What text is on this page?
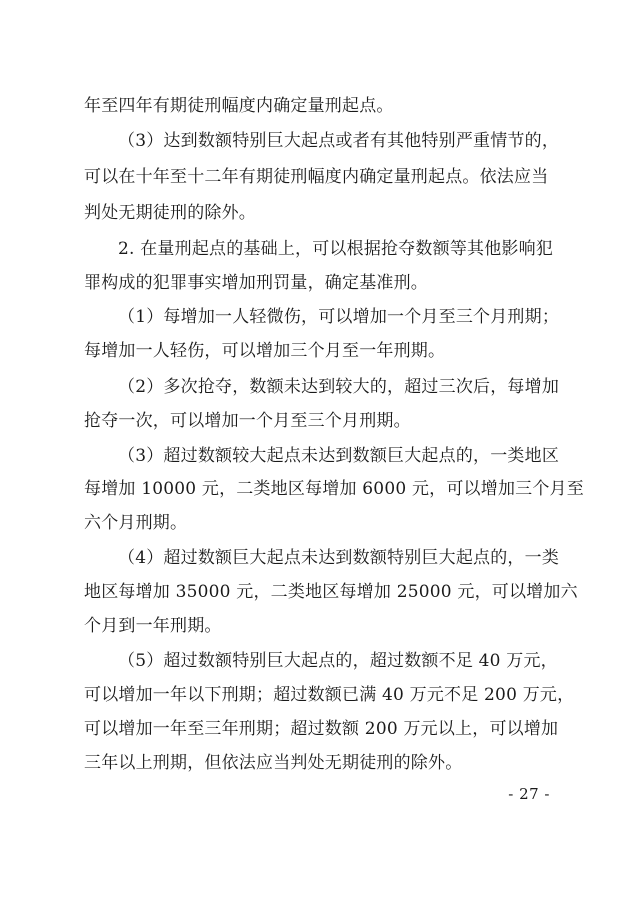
年至四年有期徒刑幅度内确定量刑起点。
（3）达到数额特别巨大起点或者有其他特别严重情节的，
可以在十年至十二年有期徒刑幅度内确定量刑起点。依法应当
判处无期徒刑的除外。
2. 在量刑起点的基础上，可以根据抢夺数额等其他影响犯
罪构成的犯罪事实增加刑罚量，确定基准刑。
（1）每增加一人轻微伤，可以增加一个月至三个月刑期；
每增加一人轻伤，可以增加三个月至一年刑期。
（2）多次抢夺，数额未达到较大的，超过三次后，每增加
抢夺一次，可以增加一个月至三个月刑期。
（3）超过数额较大起点未达到数额巨大起点的，一类地区
每增加 10000 元，二类地区每增加 6000 元，可以增加三个月至
六个月刑期。
（4）超过数额巨大起点未达到数额特别巨大起点的，一类
地区每增加 35000 元，二类地区每增加 25000 元，可以增加六
个月到一年刑期。
（5）超过数额特别巨大起点的，超过数额不足 40 万元，
可以增加一年以下刑期；超过数额已满 40 万元不足 200 万元，
可以增加一年至三年刑期；超过数额 200 万元以上，可以增加
三年以上刑期，但依法应当判处无期徒刑的除外。
- 27 -
